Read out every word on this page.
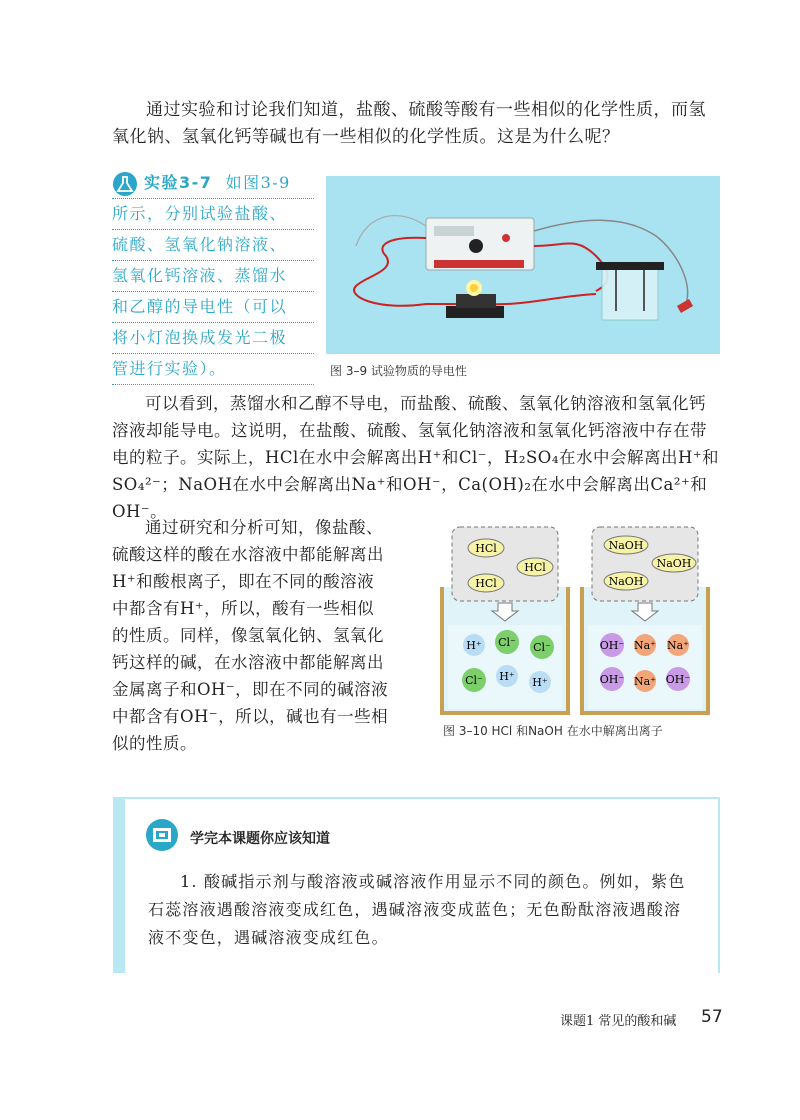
通过实验和讨论我们知道，盐酸、硫酸等酸有一些相似的化学性质，而氢氧化钠、氢氧化钙等碱也有一些相似的化学性质。这是为什么呢？
实验3-7 如图3-9
所示，分别试验盐酸、
硫酸、氢氧化钠溶液、
氢氧化钙溶液、蒸馏水
和乙醇的导电性（可以
将小灯泡换成发光二极
管进行实验）。	图 3–9 试验物质的导电性
可以看到，蒸馏水和乙醇不导电，而盐酸、硫酸、氢氧化钠溶液和氢氧化钙
溶液却能导电。这说明，在盐酸、硫酸、氢氧化钠溶液和氢氧化钙溶液中存在带
电的粒子。实际上，HCl在水中会解离出H⁺和Cl⁻，H₂SO₄在水中会解离出H⁺和
SO₄²⁻；NaOH在水中会解离出Na⁺和OH⁻，Ca(OH)₂在水中会解离出Ca²⁺和OH⁻。
通过研究和分析可知，像盐酸、
硫酸这样的酸在水溶液中都能解离出
H⁺和酸根离子，即在不同的酸溶液
中都含有H⁺，所以，酸有一些相似
的性质。同样，像氢氧化钠、氢氧化
钙这样的碱，在水溶液中都能解离出
金属离子和OH⁻，即在不同的碱溶液
中都含有OH⁻，所以，碱也有一些相
似的性质。
HCl
HCl
HCl
H⁺ Cl⁻ Cl⁻
Cl⁻ H⁺ H⁺
NaOH
NaOH
NaOH
OH⁻ Na⁺ Na⁺
OH⁻ Na⁺ OH⁻
图 3–10 HCl 和NaOH 在水中解离出离子
学完本课题你应该知道
1. 酸碱指示剂与酸溶液或碱溶液作用显示不同的颜色。例如，紫色石蕊溶液遇酸溶液变成红色，遇碱溶液变成蓝色；无色酚酞溶液遇酸溶液不变色，遇碱溶液变成红色。
课题1 常见的酸和碱 57
